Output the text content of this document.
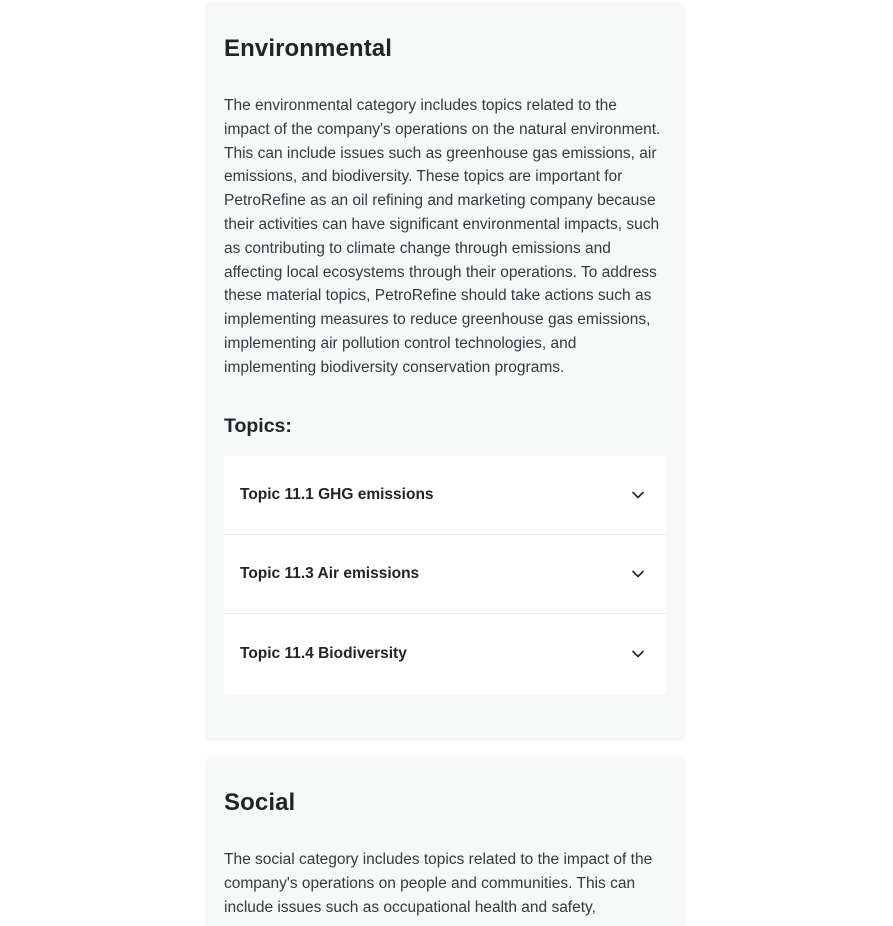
Environmental

The environmental category includes topics related to the impact of the company's operations on the natural environment. This can include issues such as greenhouse gas emissions, air emissions, and biodiversity. These topics are important for PetroRefine as an oil refining and marketing company because their activities can have significant environmental impacts, such as contributing to climate change through emissions and affecting local ecosystems through their operations. To address these material topics, PetroRefine should take actions such as implementing measures to reduce greenhouse gas emissions, implementing air pollution control technologies, and implementing biodiversity conservation programs.

Topics:
Topic 11.1 GHG emissions
Topic 11.3 Air emissions
Topic 11.4 Biodiversity
Social

The social category includes topics related to the impact of the company's operations on people and communities. This can include issues such as occupational health and safety,
